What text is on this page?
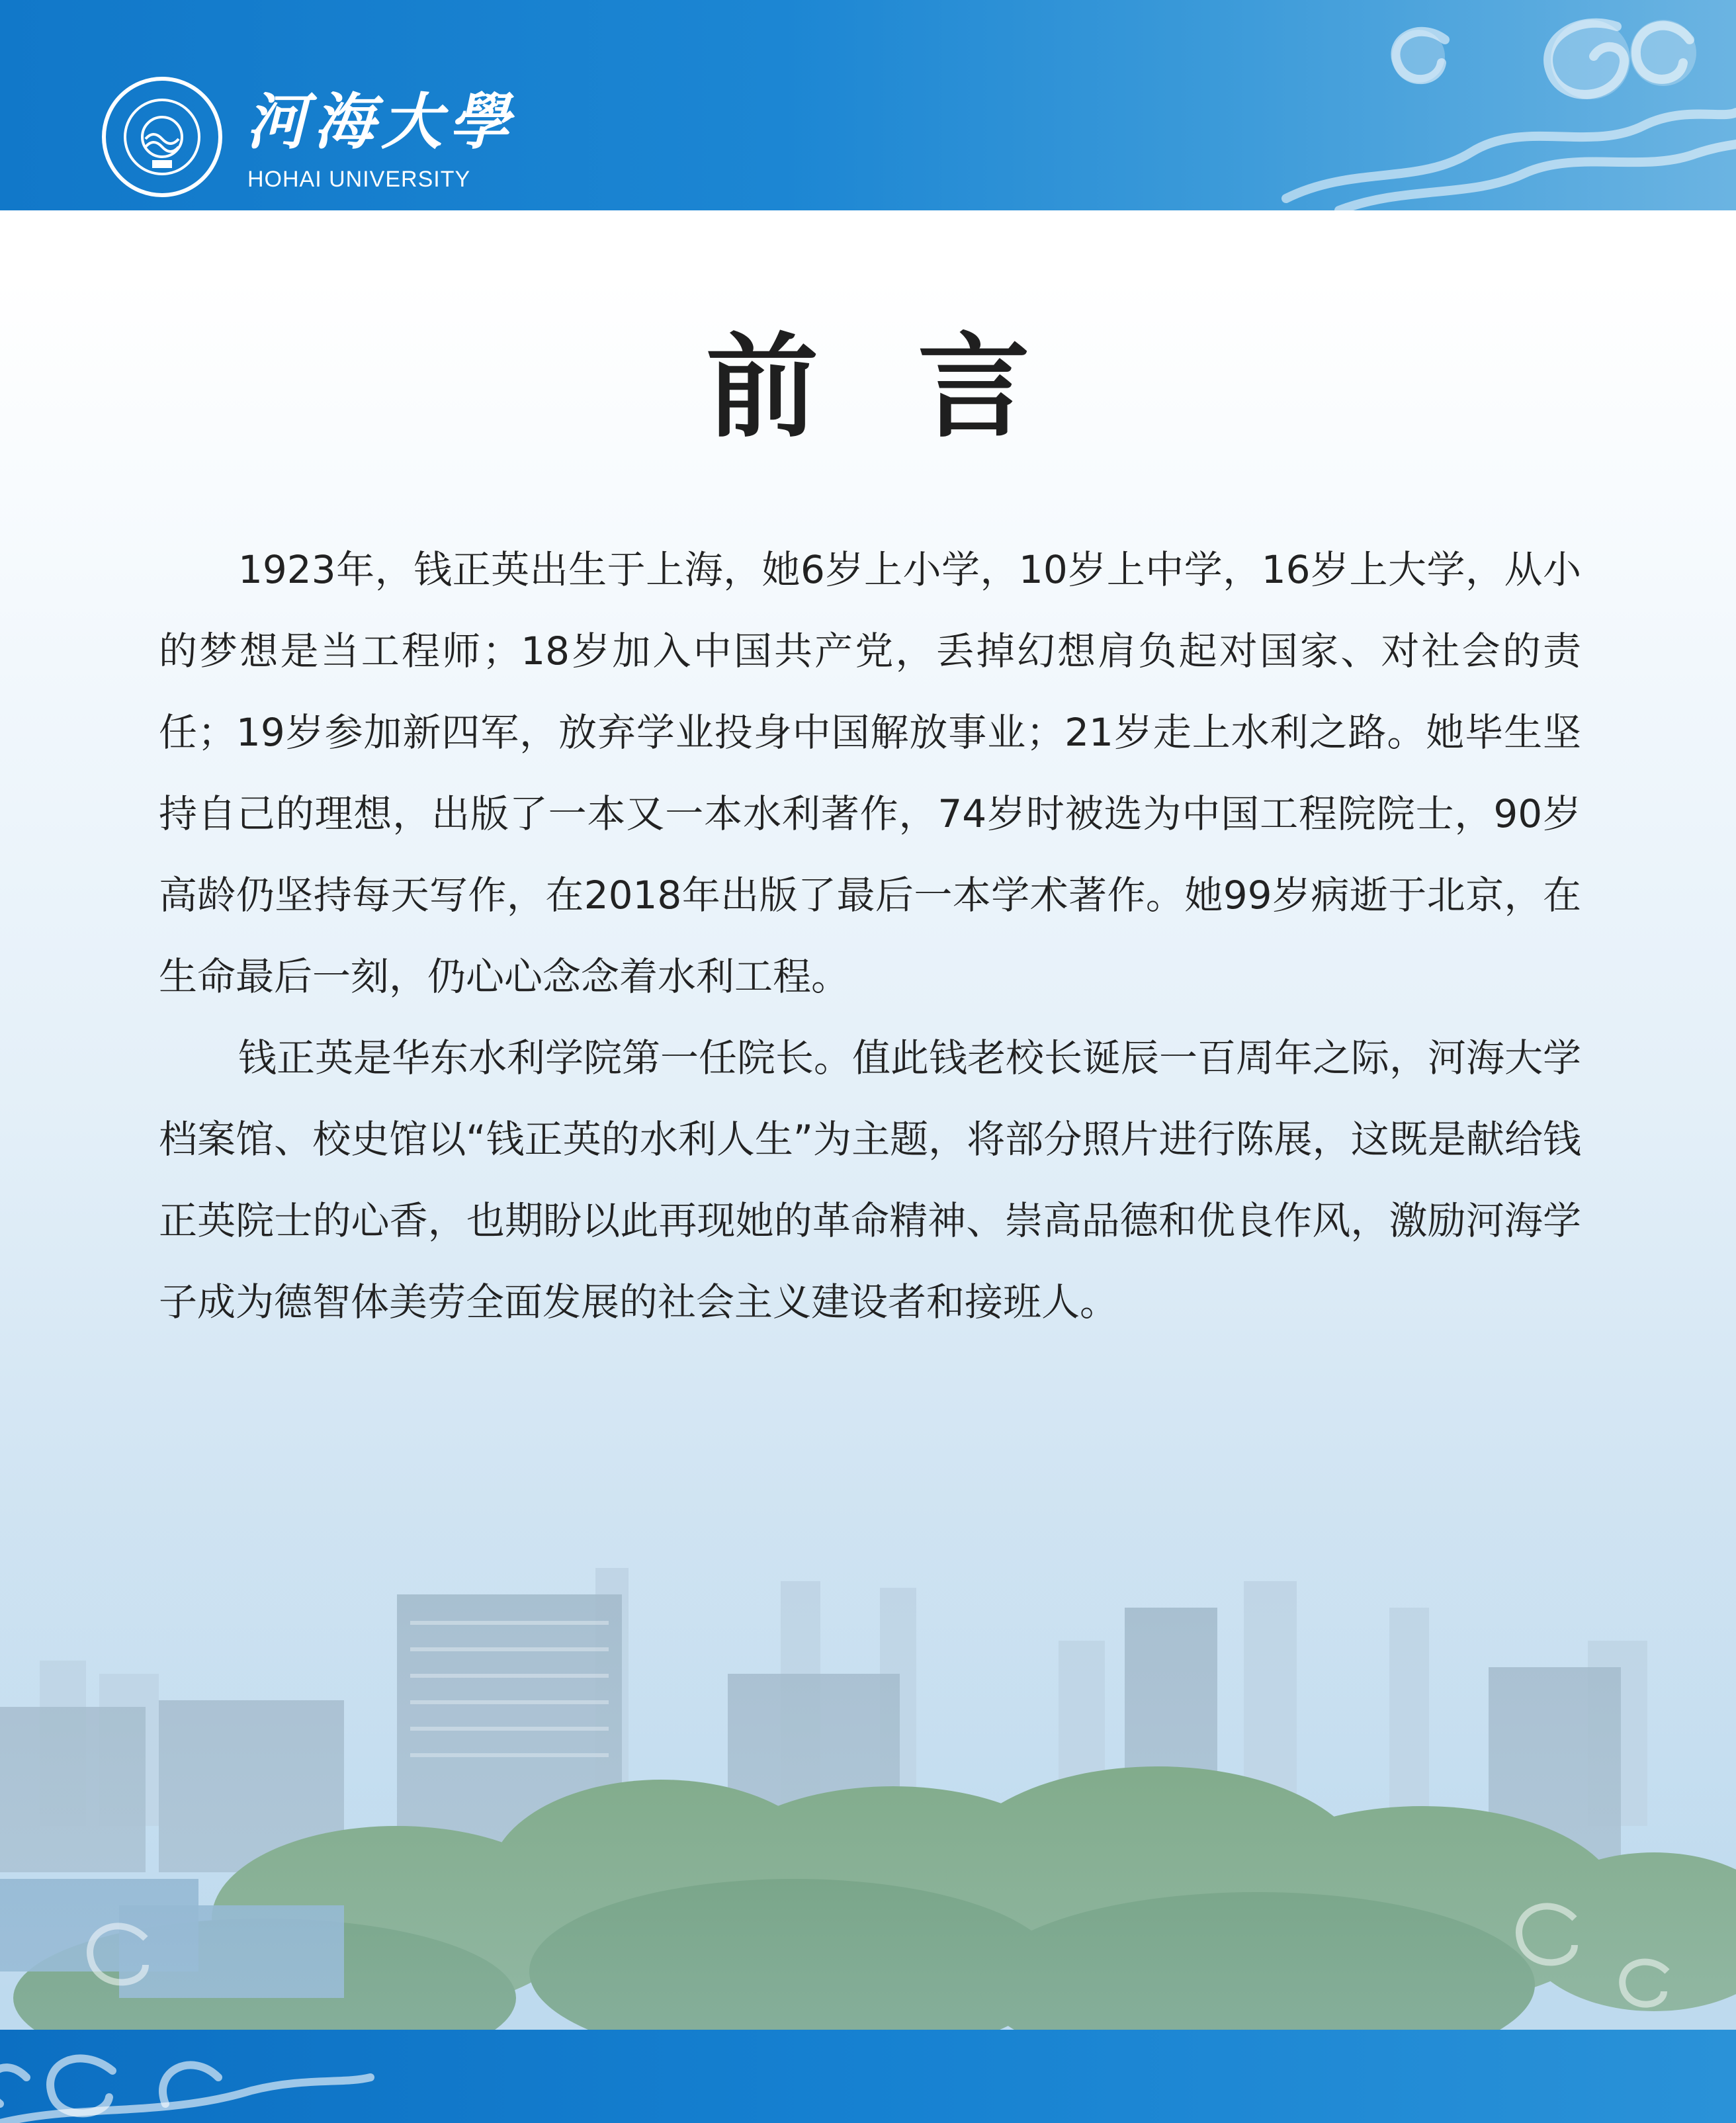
河海大學
HOHAI UNIVERSITY
前言

1923年，钱正英出生于上海，她6岁上小学，10岁上中学，16岁上大学，从小的梦想是当工程师；18岁加入中国共产党，丢掉幻想肩负起对国家、对社会的责任；19岁参加新四军，放弃学业投身中国解放事业；21岁走上水利之路。她毕生坚持自己的理想，出版了一本又一本水利著作，74岁时被选为中国工程院院士，90岁高龄仍坚持每天写作，在2018年出版了最后一本学术著作。她99岁病逝于北京，在生命最后一刻，仍心心念念着水利工程。

钱正英是华东水利学院第一任院长。值此钱老校长诞辰一百周年之际，河海大学档案馆、校史馆以“钱正英的水利人生”为主题，将部分照片进行陈展，这既是献给钱正英院士的心香，也期盼以此再现她的革命精神、崇高品德和优良作风，激励河海学子成为德智体美劳全面发展的社会主义建设者和接班人。
